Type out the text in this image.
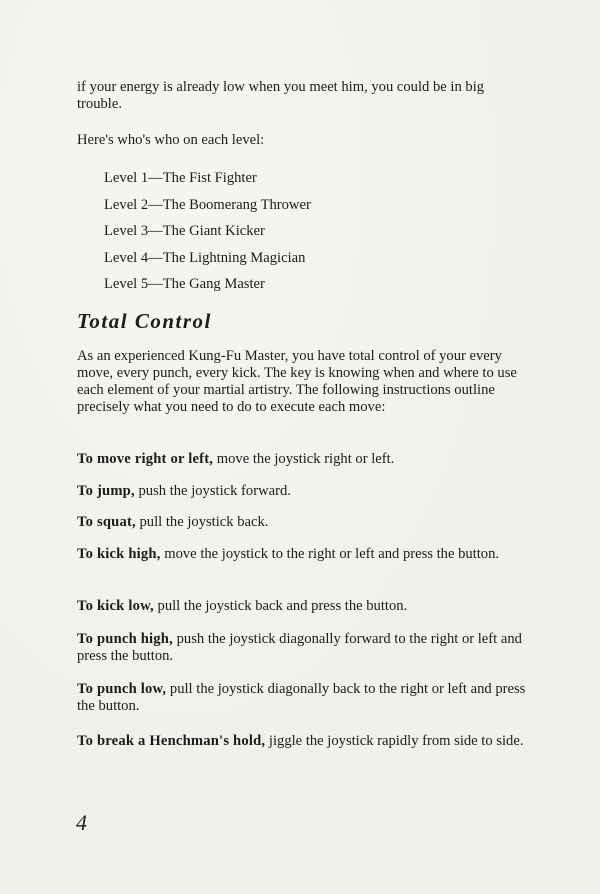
if your energy is already low when you meet him, you could be in big trouble.

Here's who's who on each level:

Level 1—The Fist Fighter
Level 2—The Boomerang Thrower
Level 3—The Giant Kicker
Level 4—The Lightning Magician
Level 5—The Gang Master
Total Control

As an experienced Kung-Fu Master, you have total control of your every move, every punch, every kick. The key is knowing when and where to use each element of your martial artistry. The following instructions outline precisely what you need to do to execute each move:

To move right or left, move the joystick right or left.

To jump, push the joystick forward.

To squat, pull the joystick back.

To kick high, move the joystick to the right or left and press the button.

To kick low, pull the joystick back and press the button.

To punch high, push the joystick diagonally forward to the right or left and press the button.

To punch low, pull the joystick diagonally back to the right or left and press the button.

To break a Henchman's hold, jiggle the joystick rapidly from side to side.

4
